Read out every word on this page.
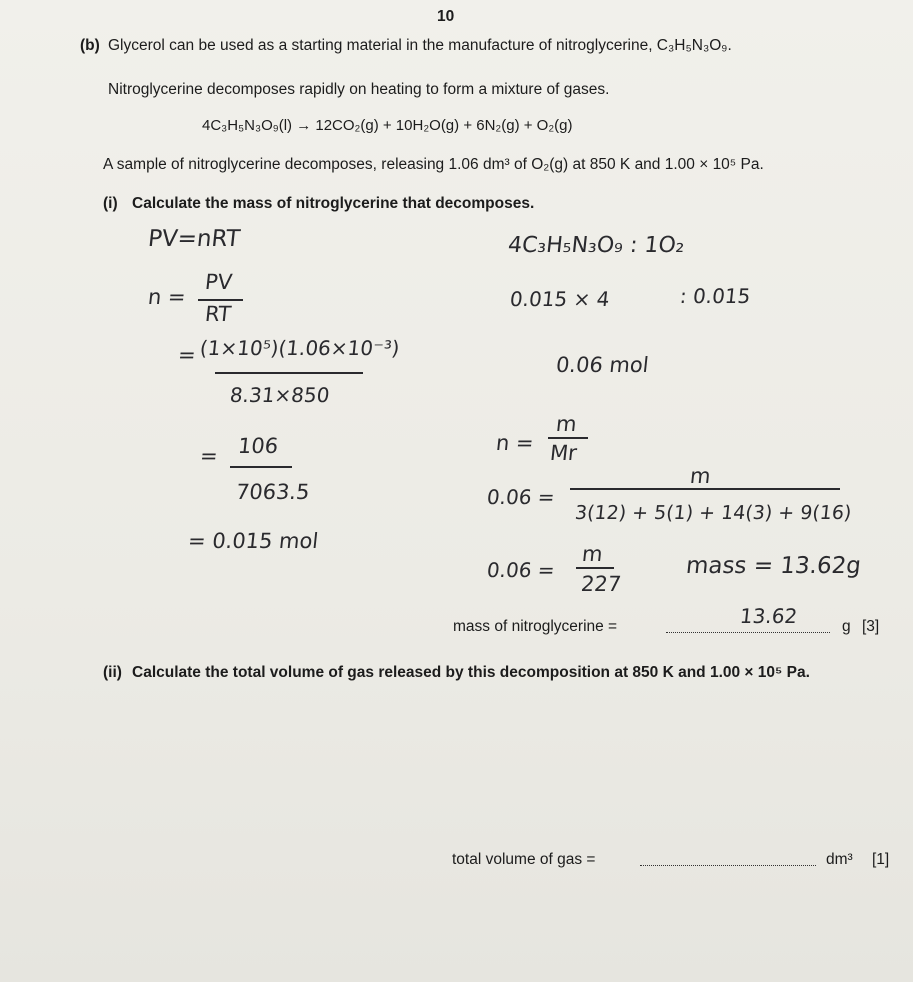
10
(b) Glycerol can be used as a starting material in the manufacture of nitroglycerine, C₃H₅N₃O₉.
Nitroglycerine decomposes rapidly on heating to form a mixture of gases.
4C₃H₅N₃O₉(l) → 12CO₂(g) + 10H₂O(g) + 6N₂(g) + O₂(g)
A sample of nitroglycerine decomposes, releasing 1.06 dm³ of O₂(g) at 850 K and 1.00 × 10⁵ Pa.
(i) Calculate the mass of nitroglycerine that decomposes.
PV=nRT
n =
PV
RT
= (1×10⁵)(1.06×10⁻³)
8.31×850
= 106
7063.5
= 0.015 mol
4C₃H₅N₃O₉ : 1O₂
0.015 × 4	: 0.015
0.06 mol
n =
m
Mr
0.06 =
m
3(12) + 5(1) + 14(3) + 9(16)
0.06 =
m
227
mass = 13.62g
mass of nitroglycerine =	13.62	g [3]
(ii) Calculate the total volume of gas released by this decomposition at 850 K and 1.00 × 10⁵ Pa.
total volume of gas =	dm³ [1]
